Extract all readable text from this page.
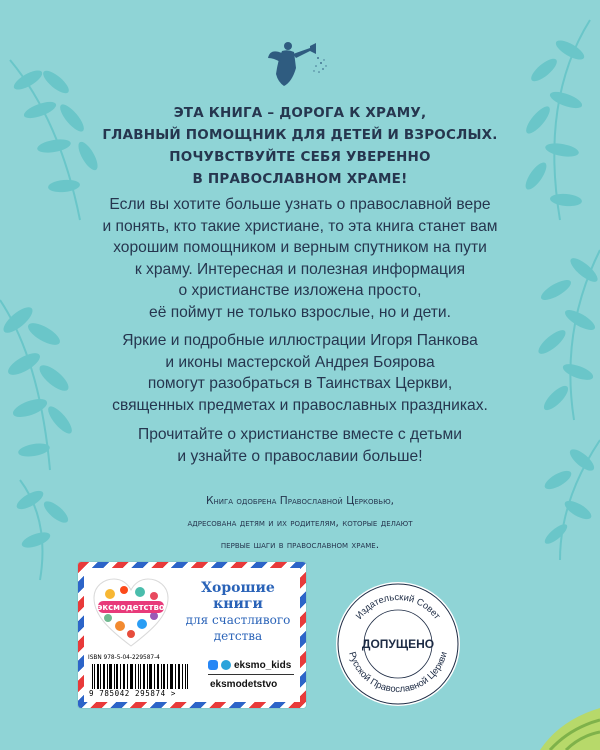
ЭТА КНИГА – ДОРОГА К ХРАМУ,
ГЛАВНЫЙ ПОМОЩНИК ДЛЯ ДЕТЕЙ И ВЗРОСЛЫХ.
ПОЧУВСТВУЙТЕ СЕБЯ УВЕРЕННО
В ПРАВОСЛАВНОМ ХРАМЕ!
Если вы хотите больше узнать о православной вере
и понять, кто такие христиане, то эта книга станет вам
хорошим помощником и верным спутником на пути
к храму. Интересная и полезная информация
о христианстве изложена просто,
её поймут не только взрослые, но и дети.
Яркие и подробные иллюстрации Игоря Панкова
и иконы мастерской Андрея Боярова
помогут разобраться в Таинствах Церкви,
священных предметах и православных праздниках.
Прочитайте о христианстве вместе с детьми
и узнайте о православии больше!
Книга одобрена Православной Церковью,
адресована детям и их родителям, которые делают
первые шаги в православном храме.
эксмодетство
Хорошие
книги
для счастливого
детства
ISBN 978-5-04-229587-4
9 785042 295874 >
eksmo_kids
eksmodetstvo
Издательский Совет
Русской Православной Церкви
ДОПУЩЕНО
